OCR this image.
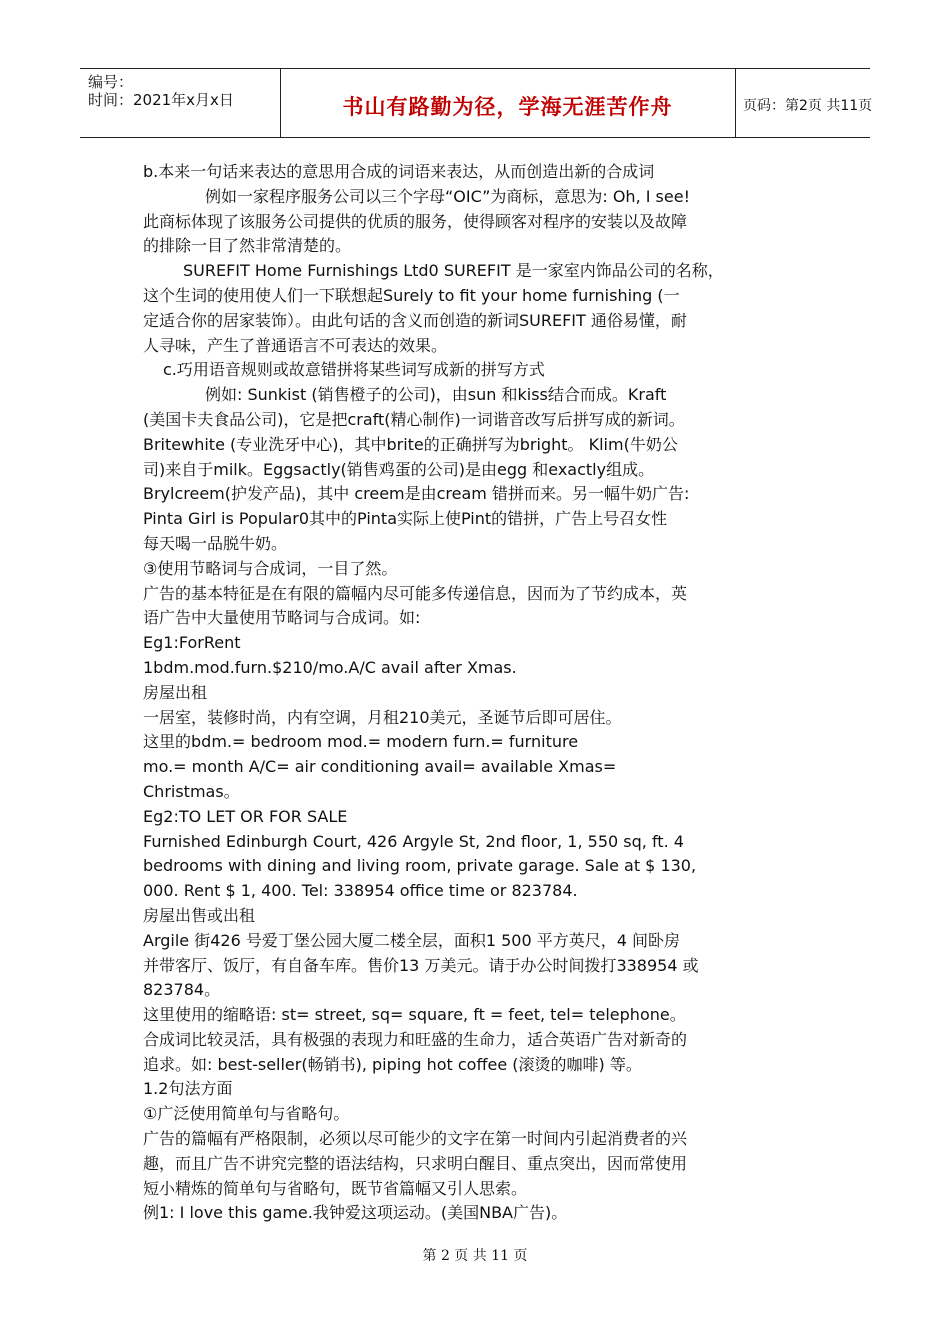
编号：
时间：2021年x月x日	书山有路勤为径，学海无涯苦作舟	页码：第2页 共11页
b.本来一句话来表达的意思用合成的词语来表达，从而创造出新的合成词
例如一家程序服务公司以三个字母“OIC”为商标，意思为: Oh, I see!
此商标体现了该服务公司提供的优质的服务，使得顾客对程序的安装以及故障
的排除一目了然非常清楚的。
SUREFIT Home Furnishings Ltd0 SUREFIT 是一家室内饰品公司的名称，
这个生词的使用使人们一下联想起Surely to fit your home furnishing (一
定适合你的居家装饰）。由此句话的含义而创造的新词SUREFIT 通俗易懂，耐
人寻味，产生了普通语言不可表达的效果。
c.巧用语音规则或故意错拼将某些词写成新的拼写方式
例如: Sunkist (销售橙子的公司)，由sun 和kiss结合而成。Kraft
(美国卡夫食品公司)，它是把craft(精心制作)一词谐音改写后拼写成的新词。
Britewhite (专业洗牙中心)，其中brite的正确拼写为bright。 Klim(牛奶公
司)来自于milk。Eggsactly(销售鸡蛋的公司)是由egg 和exactly组成。
Brylcreem(护发产品)，其中 creem是由cream 错拼而来。另一幅牛奶广告:
Pinta Girl is Popular0其中的Pinta实际上使Pint的错拼，广告上号召女性
每天喝一品脱牛奶。
③使用节略词与合成词，一目了然。
广告的基本特征是在有限的篇幅内尽可能多传递信息，因而为了节约成本，英
语广告中大量使用节略词与合成词。如:
Eg1:ForRent
1bdm.mod.furn.$210/mo.A/C avail after Xmas.
房屋出租
一居室，装修时尚，内有空调，月租210美元，圣诞节后即可居住。
这里的bdm.= bedroom mod.= modern furn.= furniture
mo.= month A/C= air conditioning avail= available Xmas=
Christmas。
Eg2:TO LET OR FOR SALE
Furnished Edinburgh Court, 426 Argyle St, 2nd floor, 1, 550 sq, ft. 4
bedrooms with dining and living room, private garage. Sale at $ 130,
000. Rent $ 1, 400. Tel: 338954 office time or 823784.
房屋出售或出租
Argile 街426 号爱丁堡公园大厦二楼全层，面积1 500 平方英尺，4 间卧房
并带客厅、饭厅，有自备车库。售价13 万美元。请于办公时间拨打338954 或
823784。
这里使用的缩略语: st= street, sq= square, ft = feet, tel= telephone。
合成词比较灵活，具有极强的表现力和旺盛的生命力，适合英语广告对新奇的
追求。如: best-seller(畅销书), piping hot coffee (滚烫的咖啡) 等。
1.2句法方面
①广泛使用简单句与省略句。
广告的篇幅有严格限制，必须以尽可能少的文字在第一时间内引起消费者的兴
趣，而且广告不讲究完整的语法结构，只求明白醒目、重点突出，因而常使用
短小精炼的简单句与省略句，既节省篇幅又引人思索。
例1: I love this game.我钟爱这项运动。(美国NBA广告)。
第 2 页 共 11 页
